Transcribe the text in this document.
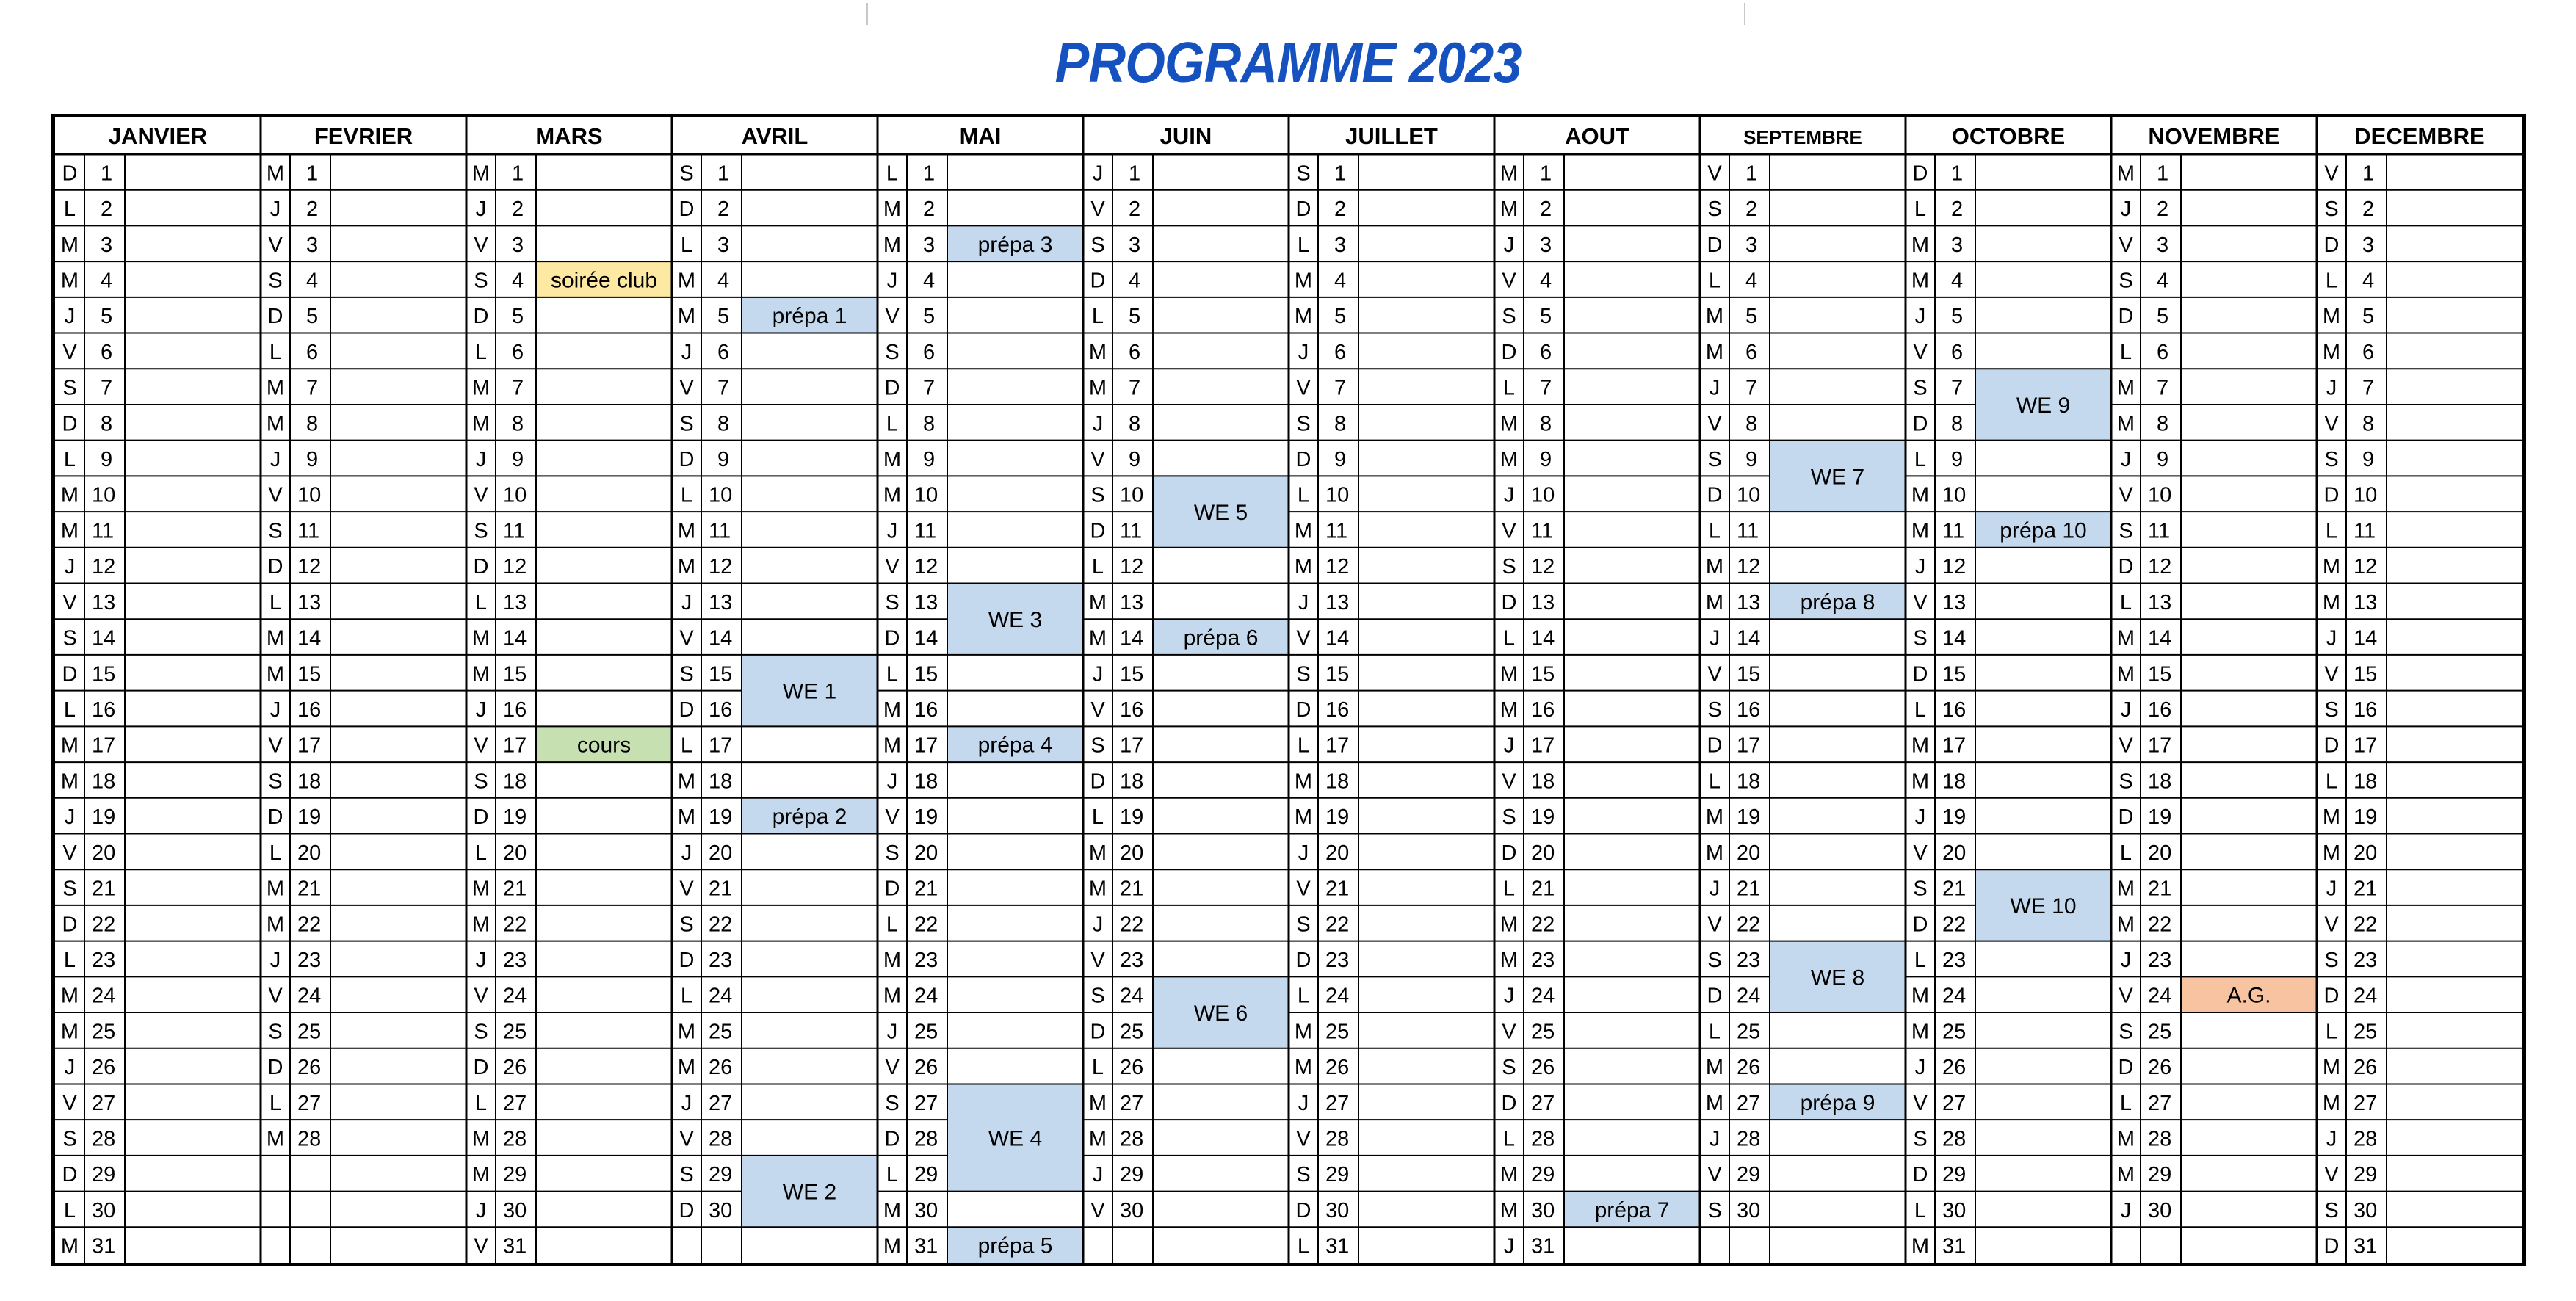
PROGRAMME 2023
JANVIER
D 1
L 2
M 3
M 4
J 5
V 6
S 7
D 8
L 9
M 10
M 11
J 12
V 13
S 14
D 15
L 16
M 17
M 18
J 19
V 20
S 21
D 22
L 23
M 24
M 25
J 26
V 27
S 28
D 29
L 30
M 31
FEVRIER
M 1
J 2
V 3
S 4
D 5
L 6
M 7
M 8
J 9
V 10
S 11
D 12
L 13
M 14
M 15
J 16
V 17
S 18
D 19
L 20
M 21
M 22
J 23
V 24
S 25
D 26
L 27
M 28
MARS
M 1
J 2
V 3
S 4
D 5
L 6
M 7
M 8
J 9
V 10
S 11
D 12
L 13
M 14
M 15
J 16
V 17
S 18
D 19
L 20
M 21
M 22
J 23
V 24
S 25
D 26
L 27
M 28
M 29
J 30
V 31
soirée club
cours
AVRIL
S 1
D 2
L 3
M 4
M 5
J 6
V 7
S 8
D 9
L 10
M 11
M 12
J 13
V 14
S 15
D 16
L 17
M 18
M 19
J 20
V 21
S 22
D 23
L 24
M 25
M 26
J 27
V 28
S 29
D 30
prépa 1
WE 1
prépa 2
WE 2
MAI
L 1
M 2
M 3
J 4
V 5
S 6
D 7
L 8
M 9
M 10
J 11
V 12
S 13
D 14
L 15
M 16
M 17
J 18
V 19
S 20
D 21
L 22
M 23
M 24
J 25
V 26
S 27
D 28
L 29
M 30
M 31
prépa 3
WE 3
prépa 4
WE 4
prépa 5
JUIN
J 1
V 2
S 3
D 4
L 5
M 6
M 7
J 8
V 9
S 10
D 11
L 12
M 13
M 14
J 15
V 16
S 17
D 18
L 19
M 20
M 21
J 22
V 23
S 24
D 25
L 26
M 27
M 28
J 29
V 30
WE 5
prépa 6
WE 6
JUILLET
S 1
D 2
L 3
M 4
M 5
J 6
V 7
S 8
D 9
L 10
M 11
M 12
J 13
V 14
S 15
D 16
L 17
M 18
M 19
J 20
V 21
S 22
D 23
L 24
M 25
M 26
J 27
V 28
S 29
D 30
L 31
AOUT
M 1
M 2
J 3
V 4
S 5
D 6
L 7
M 8
M 9
J 10
V 11
S 12
D 13
L 14
M 15
M 16
J 17
V 18
S 19
D 20
L 21
M 22
M 23
J 24
V 25
S 26
D 27
L 28
M 29
M 30
J 31
prépa 7
SEPTEMBRE
V 1
S 2
D 3
L 4
M 5
M 6
J 7
V 8
S 9
D 10
L 11
M 12
M 13
J 14
V 15
S 16
D 17
L 18
M 19
M 20
J 21
V 22
S 23
D 24
L 25
M 26
M 27
J 28
V 29
S 30
WE 7
prépa 8
WE 8
prépa 9
OCTOBRE
D 1
L 2
M 3
M 4
J 5
V 6
S 7
D 8
L 9
M 10
M 11
J 12
V 13
S 14
D 15
L 16
M 17
M 18
J 19
V 20
S 21
D 22
L 23
M 24
M 25
J 26
V 27
S 28
D 29
L 30
M 31
WE 9
prépa 10
WE 10
NOVEMBRE
M 1
J 2
V 3
S 4
D 5
L 6
M 7
M 8
J 9
V 10
S 11
D 12
L 13
M 14
M 15
J 16
V 17
S 18
D 19
L 20
M 21
M 22
J 23
V 24
S 25
D 26
L 27
M 28
M 29
J 30
A.G.
DECEMBRE
V 1
S 2
D 3
L 4
M 5
M 6
J 7
V 8
S 9
D 10
L 11
M 12
M 13
J 14
V 15
S 16
D 17
L 18
M 19
M 20
J 21
V 22
S 23
D 24
L 25
M 26
M 27
J 28
V 29
S 30
D 31
